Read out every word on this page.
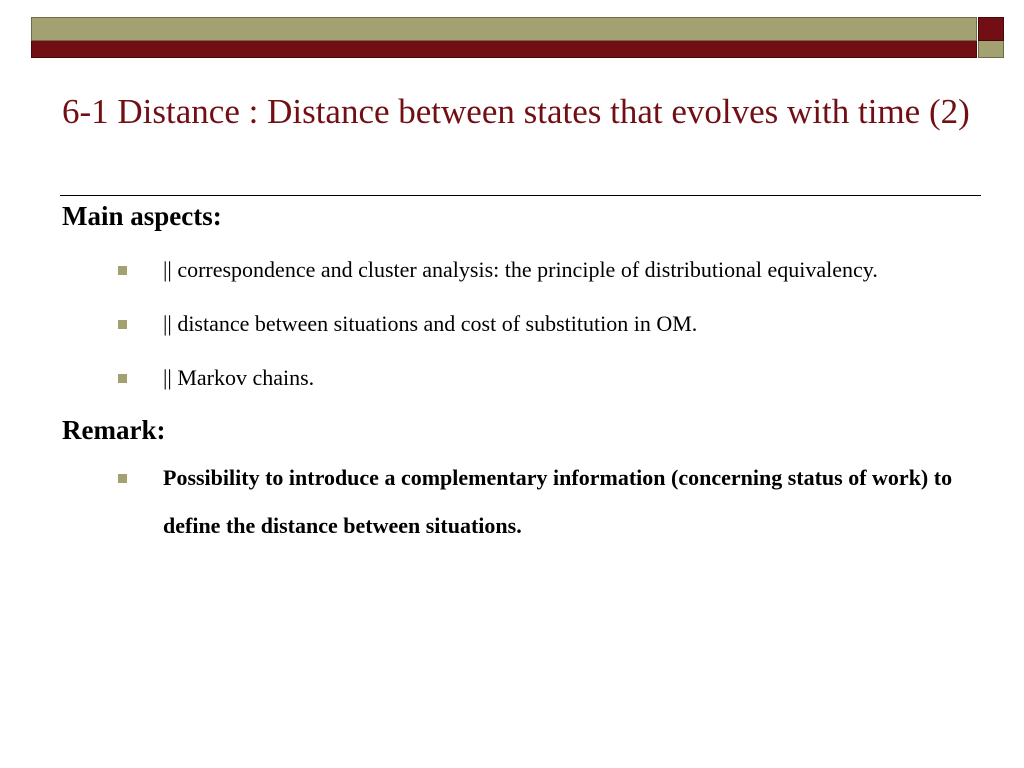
6-1 Distance : Distance between states that evolves with time (2)
Main aspects:
|| correspondence and cluster analysis: the principle of distributional equivalency.
|| distance between situations and cost of substitution in OM.
|| Markov chains.
Remark:
Possibility to introduce a complementary information (concerning status of work) to define the distance between situations.
